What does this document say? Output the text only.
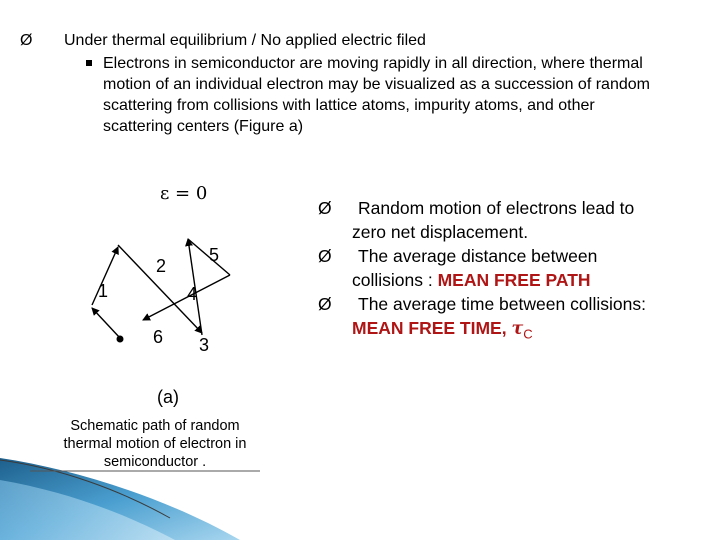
Ø Under thermal equilibrium / No applied electric filed
Electrons in semiconductor are moving rapidly in all direction, where thermal motion of an individual electron may be visualized as a succession of random scattering from collisions with lattice atoms, impurity atoms, and other scattering centers (Figure a)
ε = 0
1
2
3
4
5
6
(a)
Schematic path of random thermal motion of electron in semiconductor .
Ø	Random motion of electrons lead to
zero net displacement.
Ø	The average distance between
collisions : MEAN FREE PATH
Ø	The average time between collisions:
MEAN FREE TIME, $\tau_C$
